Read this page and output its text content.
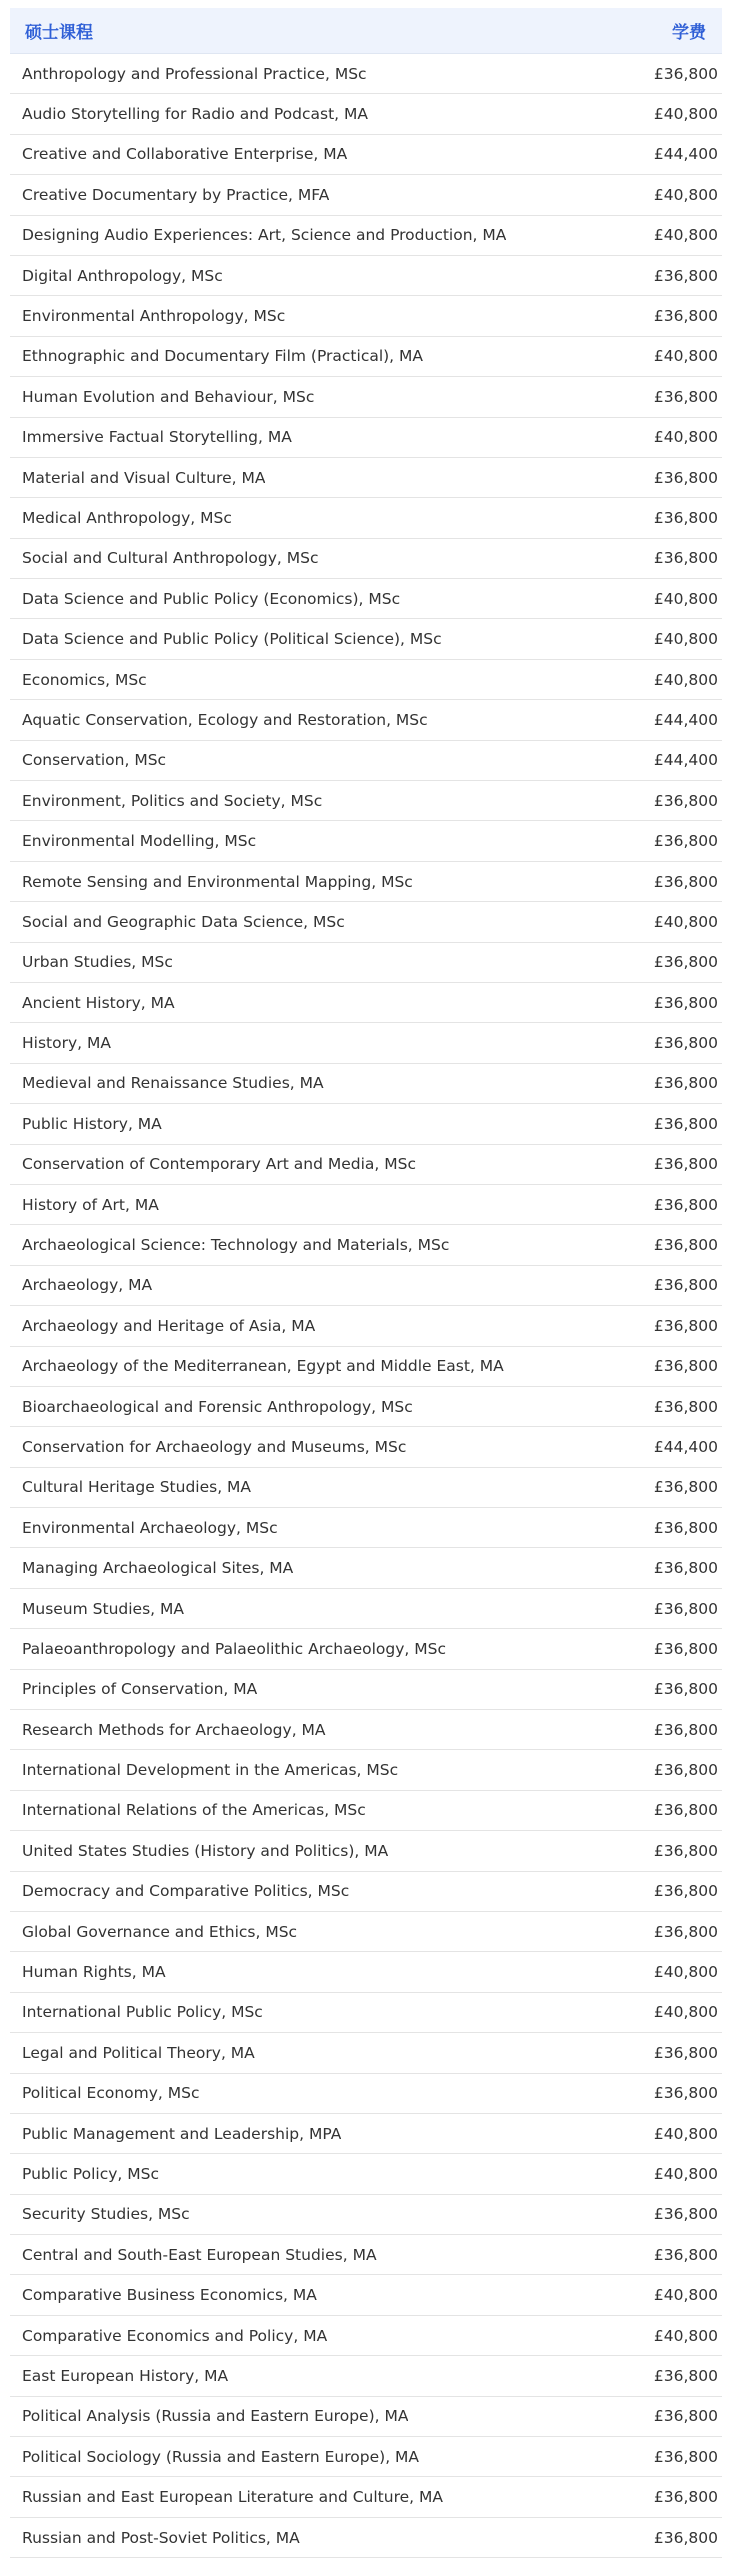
硕士课程	学费
Anthropology and Professional Practice, MSc	£36,800
Audio Storytelling for Radio and Podcast, MA	£40,800
Creative and Collaborative Enterprise, MA	£44,400
Creative Documentary by Practice, MFA	£40,800
Designing Audio Experiences: Art, Science and Production, MA	£40,800
Digital Anthropology, MSc	£36,800
Environmental Anthropology, MSc	£36,800
Ethnographic and Documentary Film (Practical), MA	£40,800
Human Evolution and Behaviour, MSc	£36,800
Immersive Factual Storytelling, MA	£40,800
Material and Visual Culture, MA	£36,800
Medical Anthropology, MSc	£36,800
Social and Cultural Anthropology, MSc	£36,800
Data Science and Public Policy (Economics), MSc	£40,800
Data Science and Public Policy (Political Science), MSc	£40,800
Economics, MSc	£40,800
Aquatic Conservation, Ecology and Restoration, MSc	£44,400
Conservation, MSc	£44,400
Environment, Politics and Society, MSc	£36,800
Environmental Modelling, MSc	£36,800
Remote Sensing and Environmental Mapping, MSc	£36,800
Social and Geographic Data Science, MSc	£40,800
Urban Studies, MSc	£36,800
Ancient History, MA	£36,800
History, MA	£36,800
Medieval and Renaissance Studies, MA	£36,800
Public History, MA	£36,800
Conservation of Contemporary Art and Media, MSc	£36,800
History of Art, MA	£36,800
Archaeological Science: Technology and Materials, MSc	£36,800
Archaeology, MA	£36,800
Archaeology and Heritage of Asia, MA	£36,800
Archaeology of the Mediterranean, Egypt and Middle East, MA	£36,800
Bioarchaeological and Forensic Anthropology, MSc	£36,800
Conservation for Archaeology and Museums, MSc	£44,400
Cultural Heritage Studies, MA	£36,800
Environmental Archaeology, MSc	£36,800
Managing Archaeological Sites, MA	£36,800
Museum Studies, MA	£36,800
Palaeoanthropology and Palaeolithic Archaeology, MSc	£36,800
Principles of Conservation, MA	£36,800
Research Methods for Archaeology, MA	£36,800
International Development in the Americas, MSc	£36,800
International Relations of the Americas, MSc	£36,800
United States Studies (History and Politics), MA	£36,800
Democracy and Comparative Politics, MSc	£36,800
Global Governance and Ethics, MSc	£36,800
Human Rights, MA	£40,800
International Public Policy, MSc	£40,800
Legal and Political Theory, MA	£36,800
Political Economy, MSc	£36,800
Public Management and Leadership, MPA	£40,800
Public Policy, MSc	£40,800
Security Studies, MSc	£36,800
Central and South-East European Studies, MA	£36,800
Comparative Business Economics, MA	£40,800
Comparative Economics and Policy, MA	£40,800
East European History, MA	£36,800
Political Analysis (Russia and Eastern Europe), MA	£36,800
Political Sociology (Russia and Eastern Europe), MA	£36,800
Russian and East European Literature and Culture, MA	£36,800
Russian and Post-Soviet Politics, MA	£36,800
